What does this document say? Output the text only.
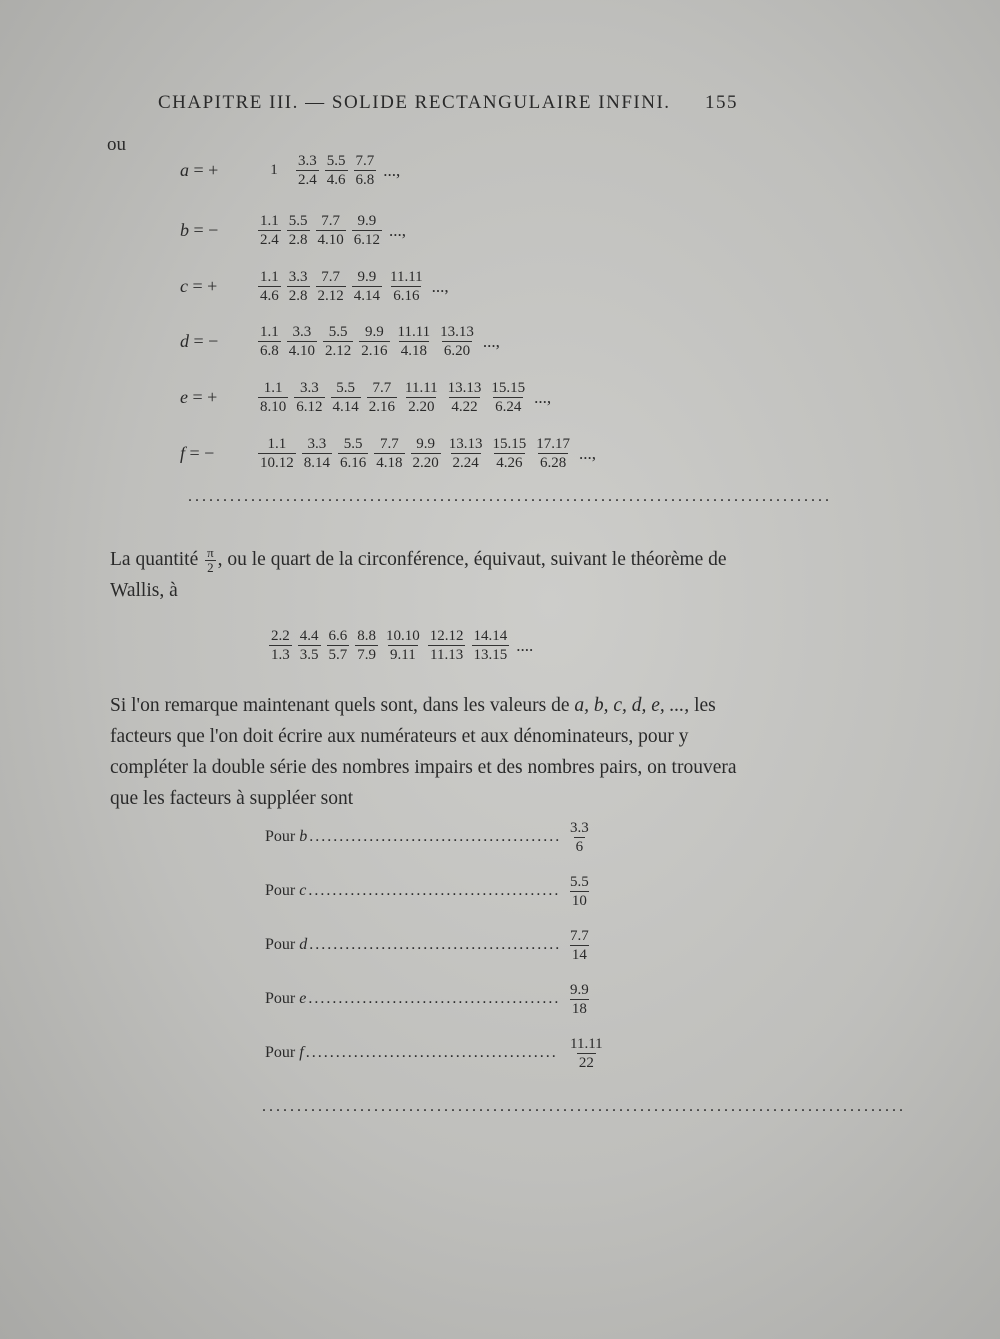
CHAPITRE III. — SOLIDE RECTANGULAIRE INFINI. 155
ou
a = +	1	$\frac{3.3}{2.4} \frac{5.5}{4.6} \frac{7.7}{6.8}$ ...,
b = −	$\frac{1.1}{2.4} \frac{5.5}{2.8} \frac{7.7}{4.10} \frac{9.9}{6.12}$ ...,
c = +	$\frac{1.1}{4.6} \frac{3.3}{2.8} \frac{7.7}{2.12} \frac{9.9}{4.14} \frac{11.11}{6.16}$ ...,
d = −	$\frac{1.1}{6.8} \frac{3.3}{4.10} \frac{5.5}{2.12} \frac{9.9}{2.16} \frac{11.11}{4.18} \frac{13.13}{6.20}$ ...,
e = +	$\frac{1.1}{8.10} \frac{3.3}{6.12} \frac{5.5}{4.14} \frac{7.7}{2.16} \frac{11.11}{2.20} \frac{13.13}{4.22} \frac{15.15}{6.24}$ ...,
f = −	$\frac{1.1}{10.12} \frac{3.3}{8.14} \frac{5.5}{6.16} \frac{7.7}{4.18} \frac{9.9}{2.20} \frac{13.13}{2.24} \frac{15.15}{4.26} \frac{17.17}{6.28}$ ...,
............................................................................................
La quantité $\frac{\pi}{2}$ , ou le quart de la circonférence, équivaut, suivant le théorème de Wallis, à
$\frac{2.2}{1.3} \frac{4.4}{3.5} \frac{6.6}{5.7} \frac{8.8}{7.9} \frac{10.10}{9.11} \frac{12.12}{11.13} \frac{14.14}{13.15}$ ....
Si l'on remarque maintenant quels sont, dans les valeurs de a, b, c, d, e, ..., les facteurs que l'on doit écrire aux numérateurs et aux dénominateurs, pour y compléter la double série des nombres impairs et des nombres pairs, on trouvera que les facteurs à suppléer sont
Pour b .......................................... $\frac{3.3}{6}$
Pour c .......................................... $\frac{5.5}{10}$
Pour d .......................................... $\frac{7.7}{14}$
Pour e .......................................... $\frac{9.9}{18}$
Pour f .......................................... $\frac{11.11}{22}$
............................................................................................
